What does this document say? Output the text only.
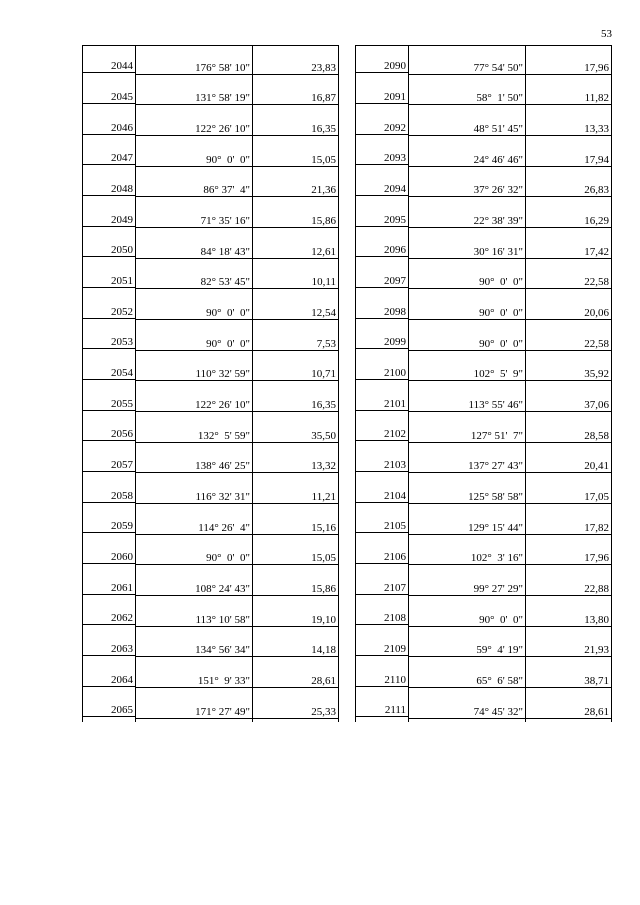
53
2044	176° 58' 10"	23,83
2045	131° 58' 19"	16,87
2046	122° 26' 10"	16,35
2047	90°  0'  0"	15,05
2048	86° 37'  4"	21,36
2049	71° 35' 16"	15,86
2050	84° 18' 43"	12,61
2051	82° 53' 45"	10,11
2052	90°  0'  0"	12,54
2053	90°  0'  0"	7,53
2054	110° 32' 59"	10,71
2055	122° 26' 10"	16,35
2056	132°  5' 59"	35,50
2057	138° 46' 25"	13,32
2058	116° 32' 31"	11,21
2059	114° 26'  4"	15,16
2060	90°  0'  0"	15,05
2061	108° 24' 43"	15,86
2062	113° 10' 58"	19,10
2063	134° 56' 34"	14,18
2064	151°  9' 33"	28,61
2065	171° 27' 49"	25,33
2090	77° 54' 50"	17,96
2091	58°  1' 50"	11,82
2092	48° 51' 45"	13,33
2093	24° 46' 46"	17,94
2094	37° 26' 32"	26,83
2095	22° 38' 39"	16,29
2096	30° 16' 31"	17,42
2097	90°  0'  0"	22,58
2098	90°  0'  0"	20,06
2099	90°  0'  0"	22,58
2100	102°  5'  9"	35,92
2101	113° 55' 46"	37,06
2102	127° 51'  7"	28,58
2103	137° 27' 43"	20,41
2104	125° 58' 58"	17,05
2105	129° 15' 44"	17,82
2106	102°  3' 16"	17,96
2107	99° 27' 29"	22,88
2108	90°  0'  0"	13,80
2109	59°  4' 19"	21,93
2110	65°  6' 58"	38,71
2111	74° 45' 32"	28,61
